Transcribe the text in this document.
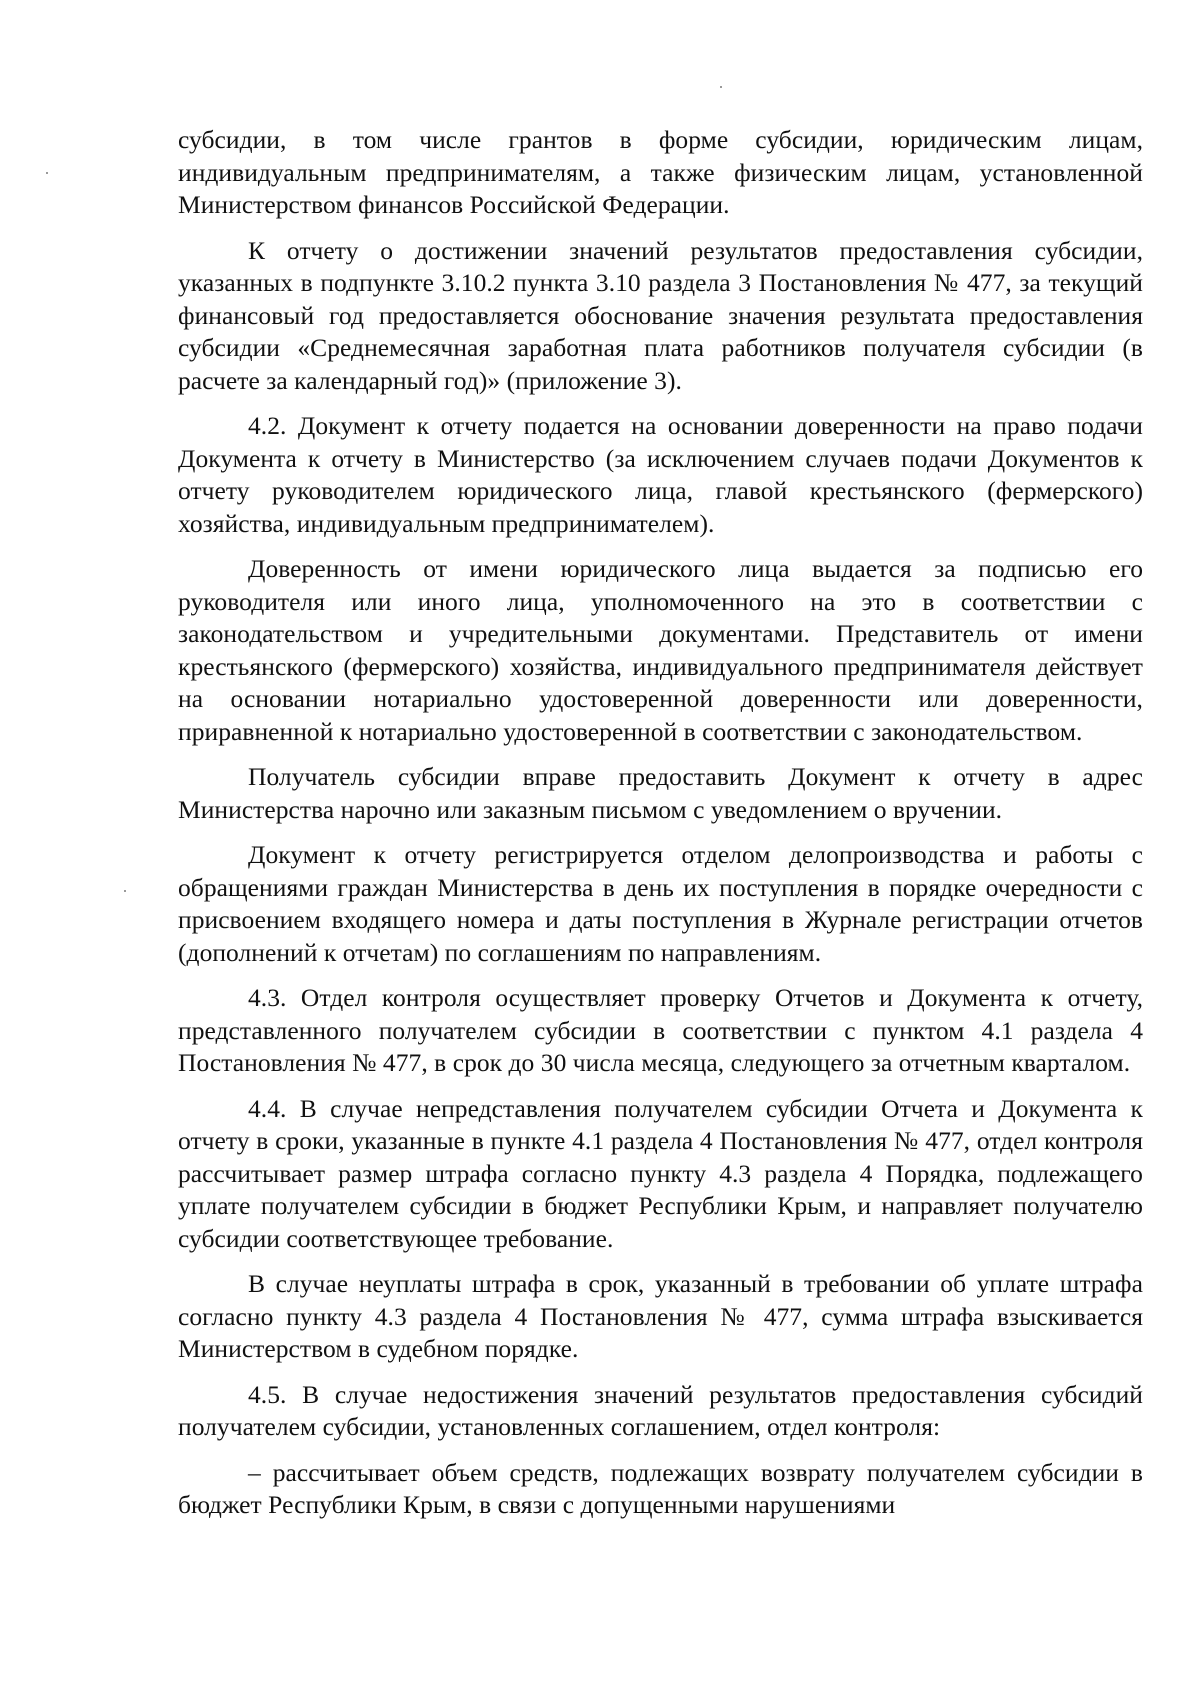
субсидии, в том числе грантов в форме субсидии, юридическим лицам, индивидуальным предпринимателям, а также физическим лицам, установленной Министерством финансов Российской Федерации.

К отчету о достижении значений результатов предоставления субсидии, указанных в подпункте 3.10.2 пункта 3.10 раздела 3 Постановления № 477, за текущий финансовый год предоставляется обоснование значения результата предоставления субсидии «Среднемесячная заработная плата работников получателя субсидии (в расчете за календарный год)» (приложение 3).

4.2. Документ к отчету подается на основании доверенности на право подачи Документа к отчету в Министерство (за исключением случаев подачи Документов к отчету руководителем юридического лица, главой крестьянского (фермерского) хозяйства, индивидуальным предпринимателем).

Доверенность от имени юридического лица выдается за подписью его руководителя или иного лица, уполномоченного на это в соответствии с законодательством и учредительными документами. Представитель от имени крестьянского (фермерского) хозяйства, индивидуального предпринимателя действует на основании нотариально удостоверенной доверенности или доверенности, приравненной к нотариально удостоверенной в соответствии с законодательством.

Получатель субсидии вправе предоставить Документ к отчету в адрес Министерства нарочно или заказным письмом с уведомлением о вручении.

Документ к отчету регистрируется отделом делопроизводства и работы с обращениями граждан Министерства в день их поступления в порядке очередности с присвоением входящего номера и даты поступления в Журнале регистрации отчетов (дополнений к отчетам) по соглашениям по направлениям.

4.3. Отдел контроля осуществляет проверку Отчетов и Документа к отчету, представленного получателем субсидии в соответствии с пунктом 4.1 раздела 4 Постановления № 477, в срок до 30 числа месяца, следующего за отчетным кварталом.

4.4. В случае непредставления получателем субсидии Отчета и Документа к отчету в сроки, указанные в пункте 4.1 раздела 4 Постановления № 477, отдел контроля рассчитывает размер штрафа согласно пункту 4.3 раздела 4 Порядка, подлежащего уплате получателем субсидии в бюджет Республики Крым, и направляет получателю субсидии соответствующее требование.

В случае неуплаты штрафа в срок, указанный в требовании об уплате штрафа согласно пункту 4.3 раздела 4 Постановления № 477, сумма штрафа взыскивается Министерством в судебном порядке.

4.5. В случае недостижения значений результатов предоставления субсидий получателем субсидии, установленных соглашением, отдел контроля:

– рассчитывает объем средств, подлежащих возврату получателем субсидии в бюджет Республики Крым, в связи с допущенными нарушениями
